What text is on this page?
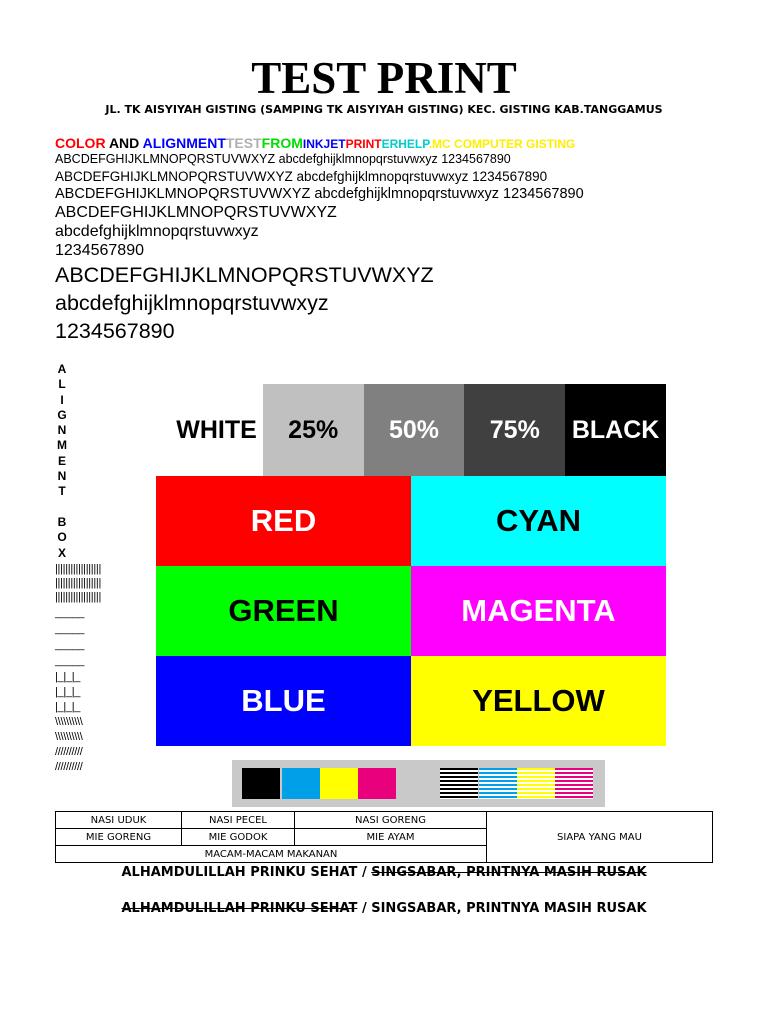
TEST PRINT
JL. TK AISYIYAH GISTING (SAMPING TK AISYIYAH GISTING) KEC. GISTING KAB.TANGGAMUS
COLOR AND ALIGNMENTTESTFROMINKJETPRINTERHELP.MC COMPUTER GISTING
ABCDEFGHIJKLMNOPQRSTUVWXYZ abcdefghijklmnopqrstuvwxyz 1234567890
ABCDEFGHIJKLMNOPQRSTUVWXYZ abcdefghijklmnopqrstuvwxyz 1234567890
ABCDEFGHIJKLMNOPQRSTUVWXYZ abcdefghijklmnopqrstuvwxyz 1234567890
ABCDEFGHIJKLMNOPQRSTUVWXYZ
abcdefghijklmnopqrstuvwxyz
1234567890
ABCDEFGHIJKLMNOPQRSTUVWXYZ
abcdefghijklmnopqrstuvwxyz
1234567890
A
L
I
G
N
M
E
N
T
B
O
X
||||||||||||||||||
||||||||||||||||||
||||||||||||||||||
_____
_____
_____
_____
|_|_|_
|_|_|_
|_|_|_
\\\\\\\\\\
\\\\\\\\\\
//////////
//////////
WHITE 25% 50% 75% BLACK
RED	CYAN
GREEN	MAGENTA
BLUE	YELLOW
NASI UDUK	NASI PECEL	NASI GORENG	SIAPA YANG MAU
MIE GORENG	MIE GODOK	MIE AYAM	
MACAM-MACAM MAKANAN			
ALHAMDULILLAH PRINKU SEHAT / SINGSABAR, PRINTNYA MASIH RUSAK
ALHAMDULILLAH PRINKU SEHAT / SINGSABAR, PRINTNYA MASIH RUSAK
